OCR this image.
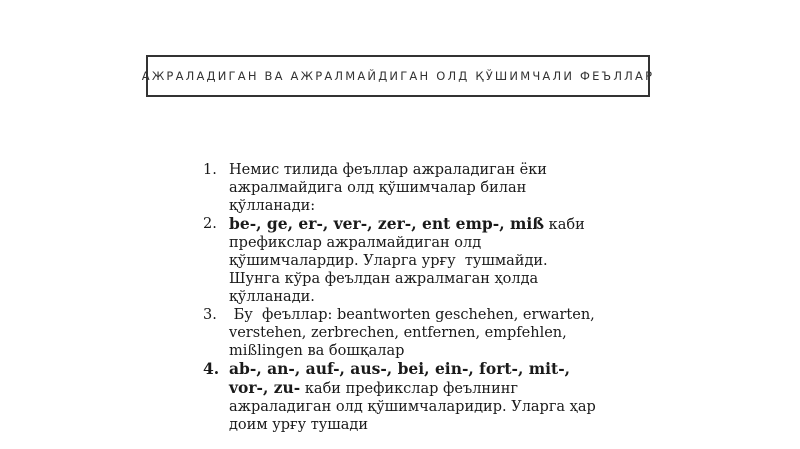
АЖРАЛАДИГАН ВА АЖРАЛМАЙДИГАН ОЛД ҚЎШИМЧАЛИ ФЕЪЛЛАР
1. Немис тилида феъллар ажраладиган ёки ажралмайдига олд қўшимчалар билан қўлланади:
2. be-, ge, er-, ver-, zer-, ent emp-, miß каби префикслар ажралмайдиган олд қўшимчалардир. Уларга урғу  тушмайди. Шунга кўра феълдан ажралмаган ҳолда қўлланади.
3. Бу  феъллар: beantworten geschehen, erwarten, verstehen, zerbrechen, entfernen, empfehlen, mißlingen ва бошқалар
4. ab-, an-, auf-, aus-, bei, ein-, fort-, mit-, vor-, zu- каби префикслар феълнинг ажраладиган олд қўшимчаларидир. Уларга ҳар доим урғу тушади
